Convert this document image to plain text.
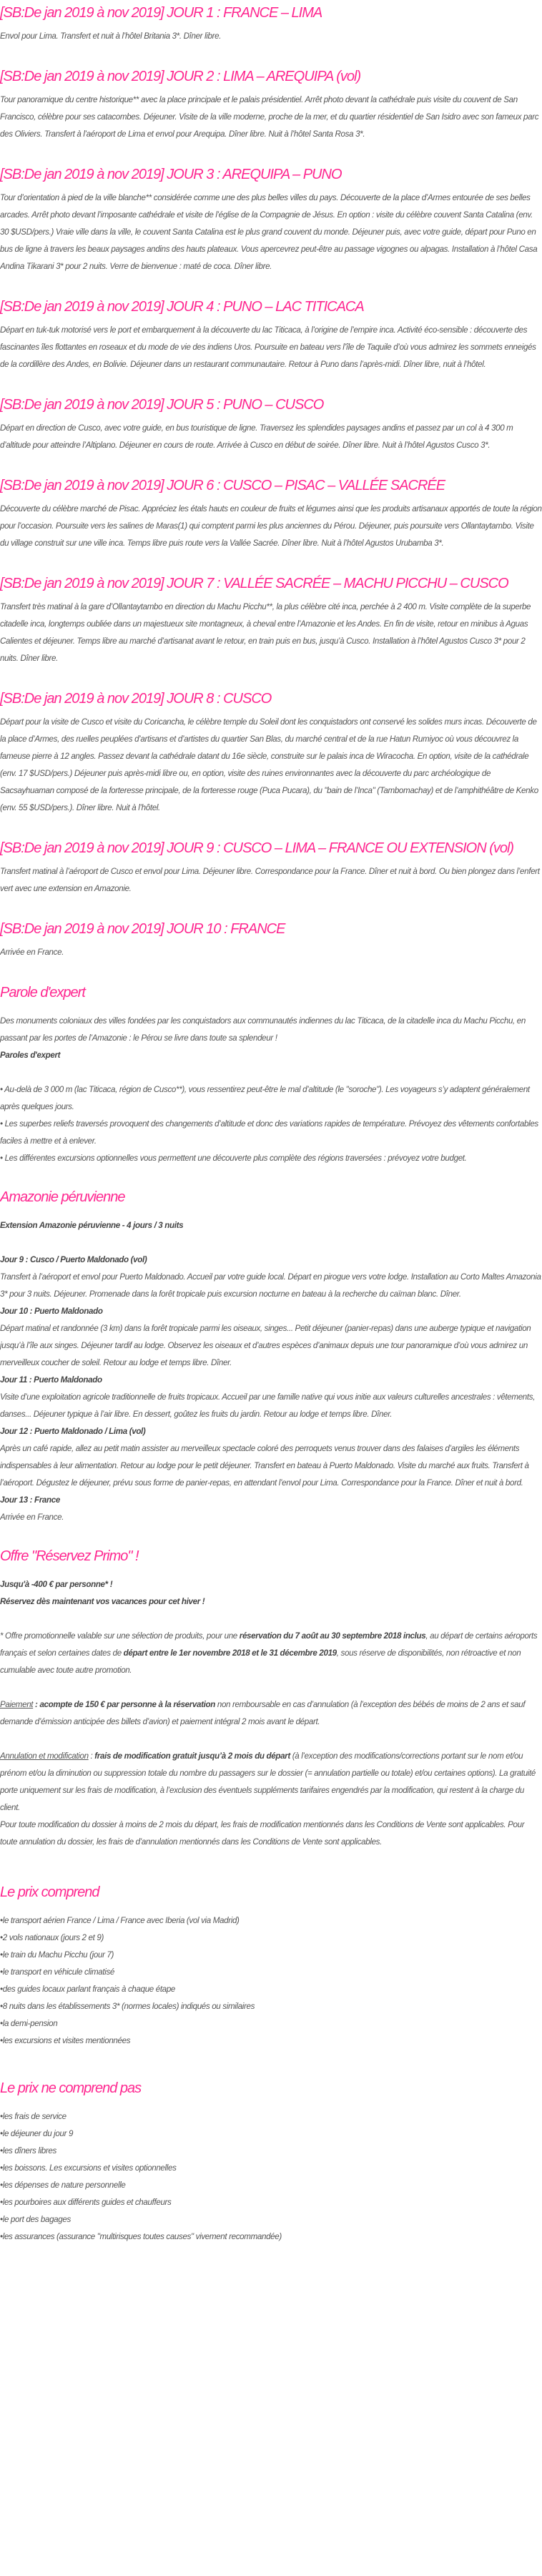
[SB:De jan 2019 à nov 2019] JOUR 1 : FRANCE – LIMA

Envol pour Lima. Transfert et nuit à l’hôtel Britania 3*. Dîner libre.

[SB:De jan 2019 à nov 2019] JOUR 2 : LIMA – AREQUIPA (vol)

Tour panoramique du centre historique** avec la place principale et le palais présidentiel. Arrêt photo devant la cathédrale puis visite du couvent de San Francisco, célèbre pour ses catacombes. Déjeuner. Visite de la ville moderne, proche de la mer, et du quartier résidentiel de San Isidro avec son fameux parc des Oliviers. Transfert à l’aéroport de Lima et envol pour Arequipa. Dîner libre. Nuit à l’hôtel Santa Rosa 3*.

[SB:De jan 2019 à nov 2019] JOUR 3 : AREQUIPA – PUNO

Tour d’orientation à pied de la ville blanche** considérée comme une des plus belles villes du pays. Découverte de la place d’Armes entourée de ses belles arcades. Arrêt photo devant l’imposante cathédrale et visite de l’église de la Compagnie de Jésus. En option : visite du célèbre couvent Santa Catalina (env. 30 $USD/pers.) Vraie ville dans la ville, le couvent Santa Catalina est le plus grand couvent du monde. Déjeuner puis, avec votre guide, départ pour Puno en bus de ligne à travers les beaux paysages andins des hauts plateaux. Vous apercevrez peut-être au passage vigognes ou alpagas. Installation à l’hôtel Casa Andina Tikarani 3* pour 2 nuits. Verre de bienvenue : maté de coca. Dîner libre.

[SB:De jan 2019 à nov 2019] JOUR 4 : PUNO – LAC TITICACA

Départ en tuk-tuk motorisé vers le port et embarquement à la découverte du lac Titicaca, à l’origine de l’empire inca. Activité éco-sensible : découverte des fascinantes îles flottantes en roseaux et du mode de vie des indiens Uros. Poursuite en bateau vers l’île de Taquile d’où vous admirez les sommets enneigés de la cordillère des Andes, en Bolivie. Déjeuner dans un restaurant communautaire. Retour à Puno dans l’après-midi. Dîner libre, nuit à l’hôtel.

[SB:De jan 2019 à nov 2019] JOUR 5 : PUNO – CUSCO

Départ en direction de Cusco, avec votre guide, en bus touristique de ligne. Traversez les splendides paysages andins et passez par un col à 4 300 m d’altitude pour atteindre l’Altiplano. Déjeuner en cours de route. Arrivée à Cusco en début de soirée. Dîner libre. Nuit à l’hôtel Agustos Cusco 3*.

[SB:De jan 2019 à nov 2019] JOUR 6 : CUSCO – PISAC – VALLÉE SACRÉE

Découverte du célèbre marché de Pisac. Appréciez les étals hauts en couleur de fruits et légumes ainsi que les produits artisanaux apportés de toute la région pour l’occasion. Poursuite vers les salines de Maras(1) qui comptent parmi les plus anciennes du Pérou. Déjeuner, puis poursuite vers Ollantaytambo. Visite du village construit sur une ville inca. Temps libre puis route vers la Vallée Sacrée. Dîner libre. Nuit à l’hôtel Agustos Urubamba 3*.

[SB:De jan 2019 à nov 2019] JOUR 7 : VALLÉE SACRÉE – MACHU PICCHU – CUSCO

Transfert très matinal à la gare d’Ollantaytambo en direction du Machu Picchu**, la plus célèbre cité inca, perchée à 2 400 m. Visite complète de la superbe citadelle inca, longtemps oubliée dans un majestueux site montagneux, à cheval entre l’Amazonie et les Andes. En fin de visite, retour en minibus à Aguas Calientes et déjeuner. Temps libre au marché d’artisanat avant le retour, en train puis en bus, jusqu’à Cusco. Installation à l’hôtel Agustos Cusco 3* pour 2 nuits. Dîner libre.

[SB:De jan 2019 à nov 2019] JOUR 8 : CUSCO

Départ pour la visite de Cusco et visite du Coricancha, le célèbre temple du Soleil dont les conquistadors ont conservé les solides murs incas. Découverte de la place d’Armes, des ruelles peuplées d’artisans et d’artistes du quartier San Blas, du marché central et de la rue Hatun Rumiyoc où vous découvrez la fameuse pierre à 12 angles. Passez devant la cathédrale datant du 16e siècle, construite sur le palais inca de Wiracocha. En option, visite de la cathédrale (env. 17 $USD/pers.) Déjeuner puis après-midi libre ou, en option, visite des ruines environnantes avec la découverte du parc archéologique de Sacsayhuaman composé de la forteresse principale, de la forteresse rouge (Puca Pucara), du "bain de l’Inca" (Tambomachay) et de l’amphithéâtre de Kenko (env. 55 $USD/pers.). Dîner libre. Nuit à l’hôtel.

[SB:De jan 2019 à nov 2019] JOUR 9 : CUSCO – LIMA – FRANCE OU EXTENSION (vol)

Transfert matinal à l’aéroport de Cusco et envol pour Lima. Déjeuner libre. Correspondance pour la France. Dîner et nuit à bord. Ou bien plongez dans l’enfert vert avec une extension en Amazonie.

[SB:De jan 2019 à nov 2019] JOUR 10 : FRANCE

Arrivée en France.

Parole d'expert

Des monuments coloniaux des villes fondées par les conquistadors aux communautés indiennes du lac Titicaca, de la citadelle inca du Machu Picchu, en passant par les portes de l’Amazonie : le Pérou se livre dans toute sa splendeur !

Paroles d'expert

• Au-delà de 3 000 m (lac Titicaca, région de Cusco**), vous ressentirez peut-être le mal d’altitude (le "soroche"). Les voyageurs s’y adaptent généralement après quelques jours.

• Les superbes reliefs traversés provoquent des changements d’altitude et donc des variations rapides de température. Prévoyez des vêtements confortables faciles à mettre et à enlever.

• Les différentes excursions optionnelles vous permettent une découverte plus complète des régions traversées : prévoyez votre budget.

Amazonie péruvienne
Extension Amazonie péruvienne - 4 jours / 3 nuits
Jour 9 : Cusco / Puerto Maldonado (vol)

Transfert à l’aéroport et envol pour Puerto Maldonado. Accueil par votre guide local. Départ en pirogue vers votre lodge. Installation au Corto Maltes Amazonia 3* pour 3 nuits. Déjeuner. Promenade dans la forêt tropicale puis excursion nocturne en bateau à la recherche du caïman blanc. Dîner.

Jour 10 : Puerto Maldonado

Départ matinal et randonnée (3 km) dans la forêt tropicale parmi les oiseaux, singes... Petit déjeuner (panier-repas) dans une auberge typique et navigation jusqu’à l’île aux singes. Déjeuner tardif au lodge. Observez les oiseaux et d’autres espèces d’animaux depuis une tour panoramique d’où vous admirez un merveilleux coucher de soleil. Retour au lodge et temps libre. Dîner.

Jour 11 : Puerto Maldonado

Visite d’une exploitation agricole traditionnelle de fruits tropicaux. Accueil par une famille native qui vous initie aux valeurs culturelles ancestrales : vêtements, danses... Déjeuner typique à l’air libre. En dessert, goûtez les fruits du jardin. Retour au lodge et temps libre. Dîner.

Jour 12 : Puerto Maldonado / Lima (vol)

Après un café rapide, allez au petit matin assister au merveilleux spectacle coloré des perroquets venus trouver dans des falaises d’argiles les éléments indispensables à leur alimentation. Retour au lodge pour le petit déjeuner. Transfert en bateau à Puerto Maldonado. Visite du marché aux fruits. Transfert à l’aéroport. Dégustez le déjeuner, prévu sous forme de panier-repas, en attendant l’envol pour Lima. Correspondance pour la France. Dîner et nuit à bord.

Jour 13 : France

Arrivée en France.

Offre "Réservez Primo" !
Jusqu'à -400 € par personne* !
Réservez dès maintenant vos vacances pour cet hiver !

* Offre promotionnelle valable sur une sélection de produits, pour une réservation du 7 août au 30 septembre 2018 inclus, au départ de certains aéroports français et selon certaines dates de départ entre le 1er novembre 2018 et le 31 décembre 2019, sous réserve de disponibilités, non rétroactive et non cumulable avec toute autre promotion.

Paiement : acompte de 150 € par personne à la réservation non remboursable en cas d’annulation (à l’exception des bébés de moins de 2 ans et sauf demande d’émission anticipée des billets d’avion) et paiement intégral 2 mois avant le départ.

Annulation et modification : frais de modification gratuit jusqu’à 2 mois du départ (à l’exception des modifications/corrections portant sur le nom et/ou prénom et/ou la diminution ou suppression totale du nombre du passagers sur le dossier (= annulation partielle ou totale) et/ou certaines options). La gratuité porte uniquement sur les frais de modification, à l’exclusion des éventuels suppléments tarifaires engendrés par la modification, qui restent à la charge du client.

Pour toute modification du dossier à moins de 2 mois du départ, les frais de modification mentionnés dans les Conditions de Vente sont applicables. Pour toute annulation du dossier, les frais de d’annulation mentionnés dans les Conditions de Vente sont applicables.

Le prix comprend
• le transport aérien France / Lima / France avec Iberia (vol via Madrid)
• 2 vols nationaux (jours 2 et 9)
• le train du Machu Picchu (jour 7)
• le transport en véhicule climatisé
• des guides locaux parlant français à chaque étape
• 8 nuits dans les établissements 3* (normes locales) indiqués ou similaires
• la demi-pension
• les excursions et visites mentionnées
Le prix ne comprend pas
• les frais de service
• le déjeuner du jour 9
• les dîners libres
• les boissons. Les excursions et visites optionnelles
• les dépenses de nature personnelle
• les pourboires aux différents guides et chauffeurs
• le port des bagages
• les assurances (assurance "multirisques toutes causes" vivement recommandée)
